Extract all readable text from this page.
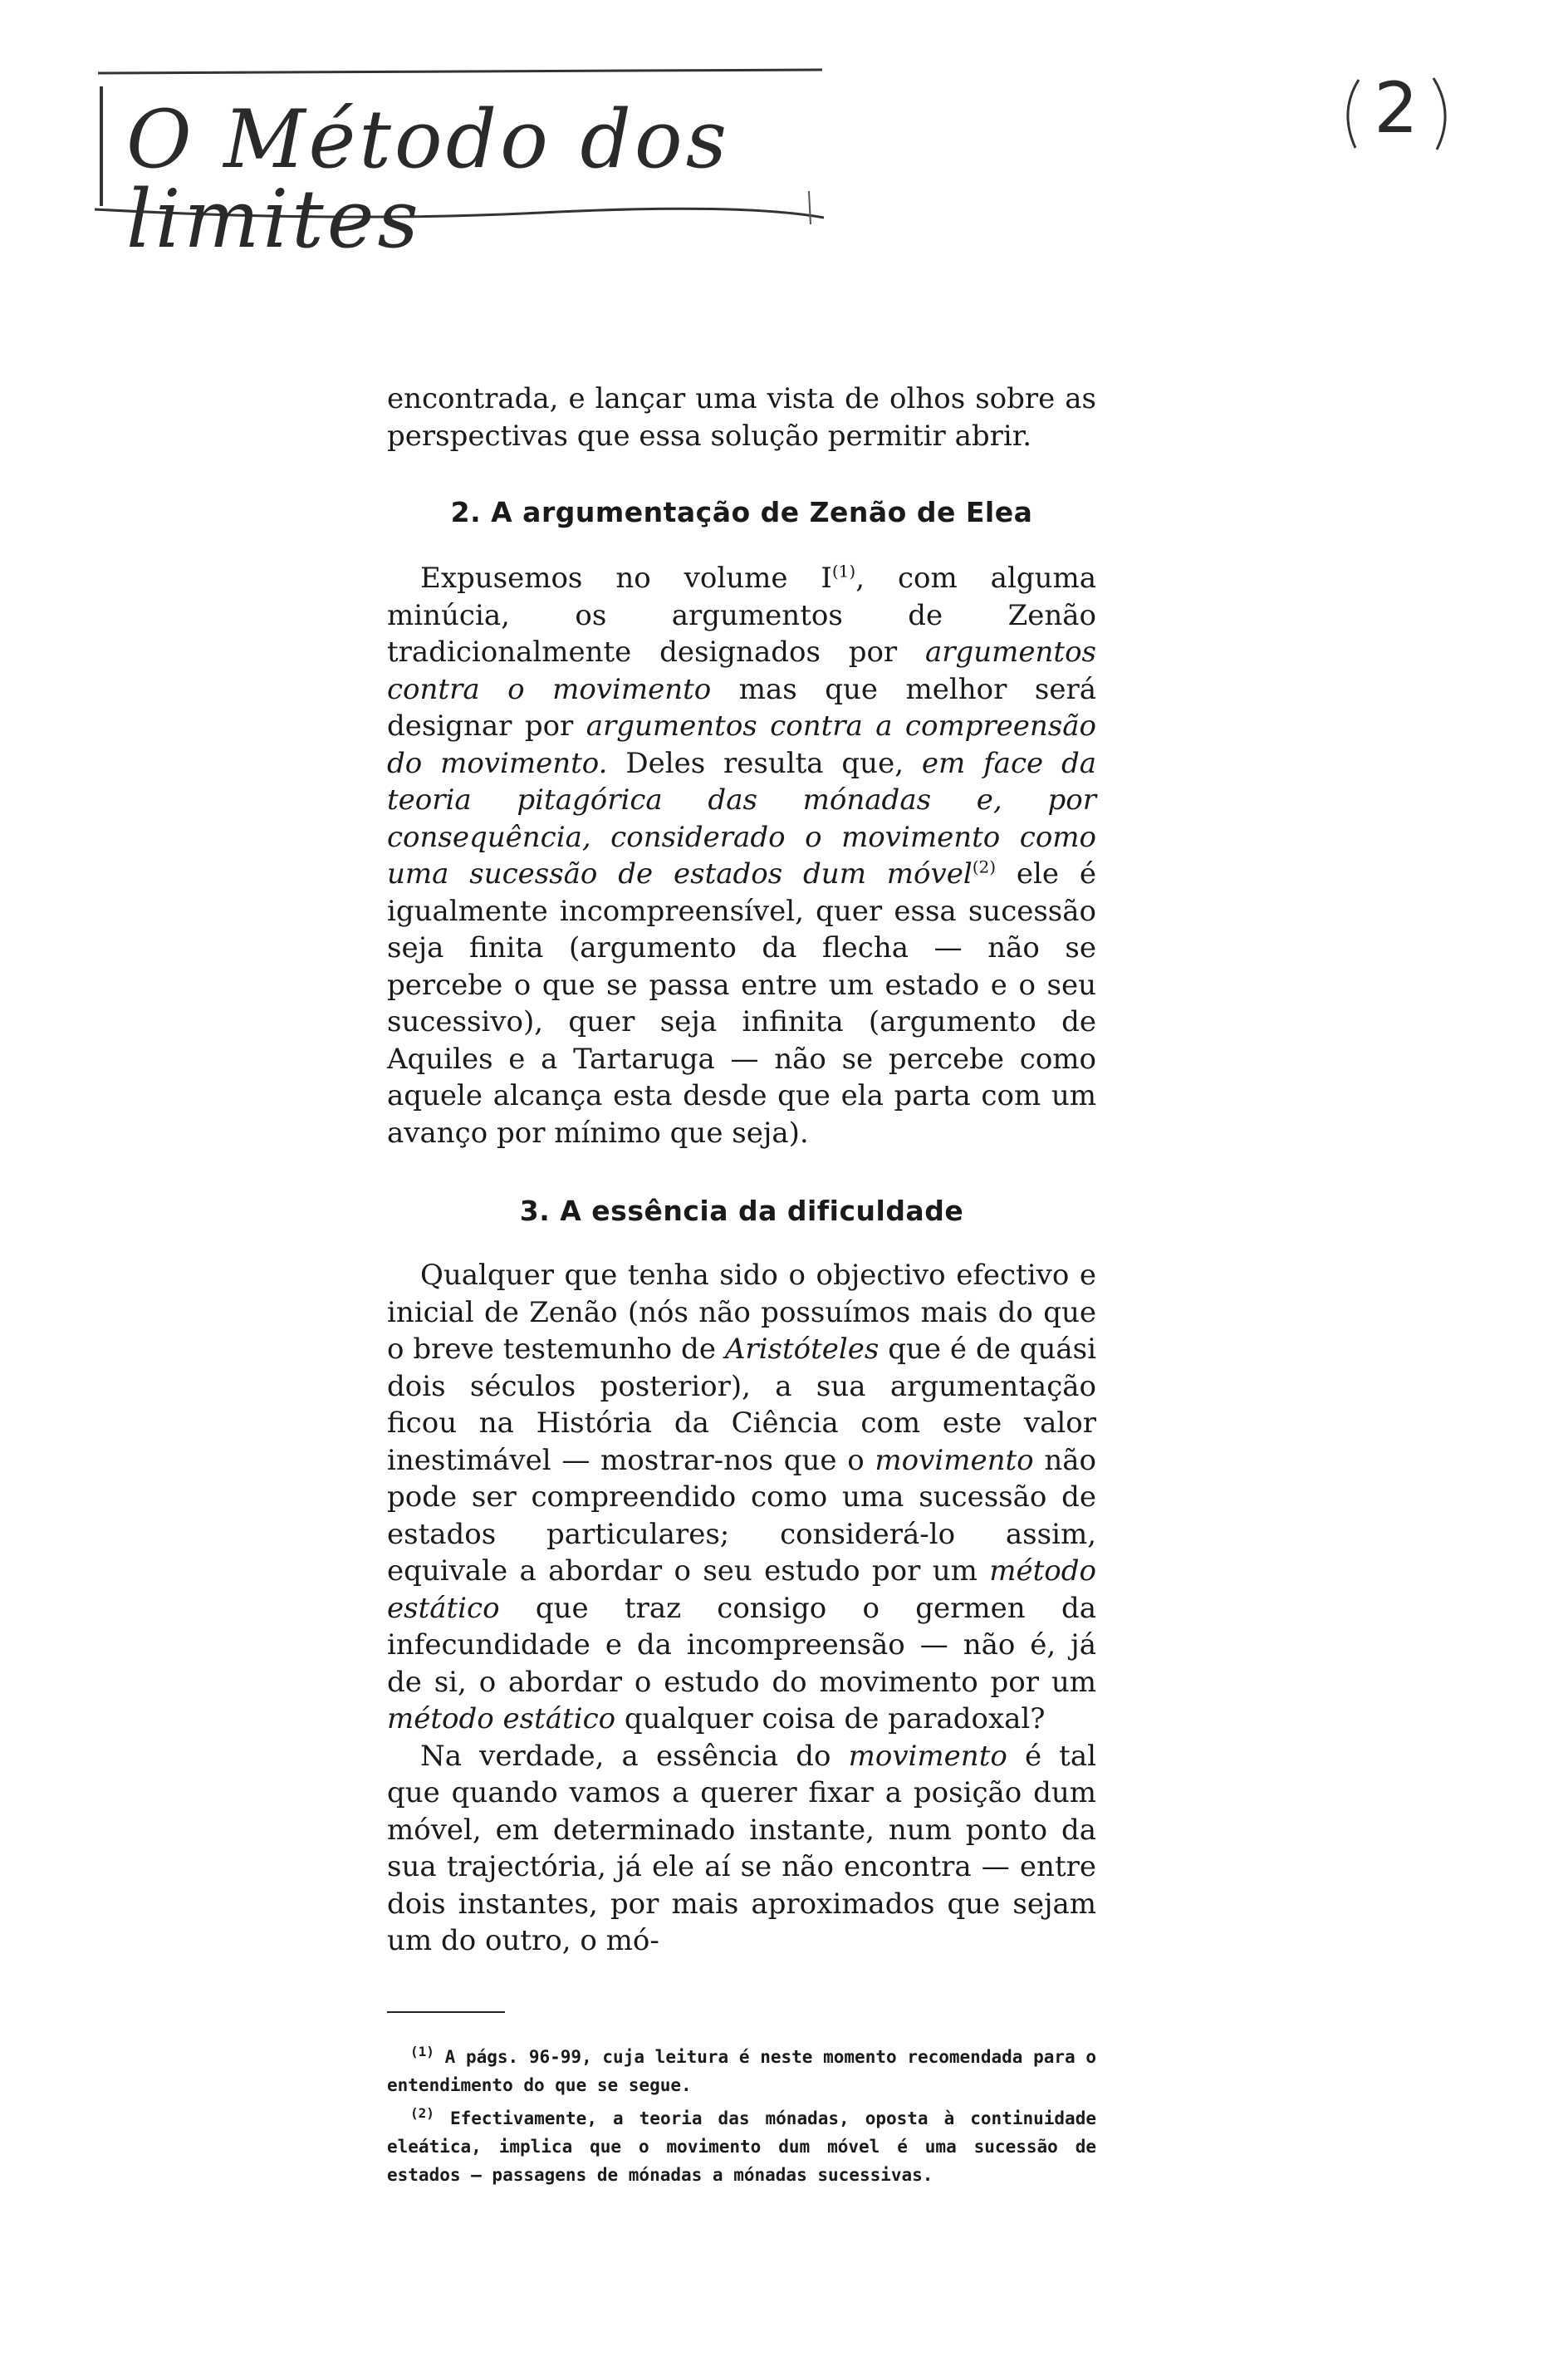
O Método dos limites
2

encontrada, e lançar uma vista de olhos sobre as perspectivas que essa solução permitir abrir.

2. A argumentação de Zenão de Elea

Expusemos no volume $I^{(1)}$, com alguma minúcia, os argumentos de Zenão tradicionalmente designados por argumentos contra o movimento mas que melhor será designar por argumentos contra a compreensão do movimento. Deles resulta que, em face da teoria pitagórica das mónadas e, por consequência, considerado o movimento como uma sucessão de estados dum móvel$^{(2)}$ ele é igualmente incompreensível, quer essa sucessão seja finita (argumento da flecha — não se percebe o que se passa entre um estado e o seu sucessivo), quer seja infinita (argumento de Aquiles e a Tartaruga — não se percebe como aquele alcança esta desde que ela parta com um avanço por mínimo que seja).

3. A essência da dificuldade

Qualquer que tenha sido o objectivo efectivo e inicial de Zenão (nós não possuímos mais do que o breve testemunho de Aristóteles que é de quási dois séculos posterior), a sua argumentação ficou na História da Ciência com este valor inestimável — mostrar-nos que o movimento não pode ser compreendido como uma sucessão de estados particulares; considerá-lo assim, equivale a abordar o seu estudo por um método estático que traz consigo o germen da infecundidade e da incompreensão — não é, já de si, o abordar o estudo do movimento por um método estático qualquer coisa de paradoxal?

Na verdade, a essência do movimento é tal que quando vamos a querer fixar a posição dum móvel, em determinado instante, num ponto da sua trajectória, já ele aí se não encontra — entre dois instantes, por mais aproximados que sejam um do outro, o mó-

$^{(1)}$ A págs. 96-99, cuja leitura é neste momento recomendada para o entendimento do que se segue.

$^{(2)}$ Efectivamente, a teoria das mónadas, oposta à continuidade eleática, implica que o movimento dum móvel é uma sucessão de estados — passagens de mónadas a mónadas sucessivas.
